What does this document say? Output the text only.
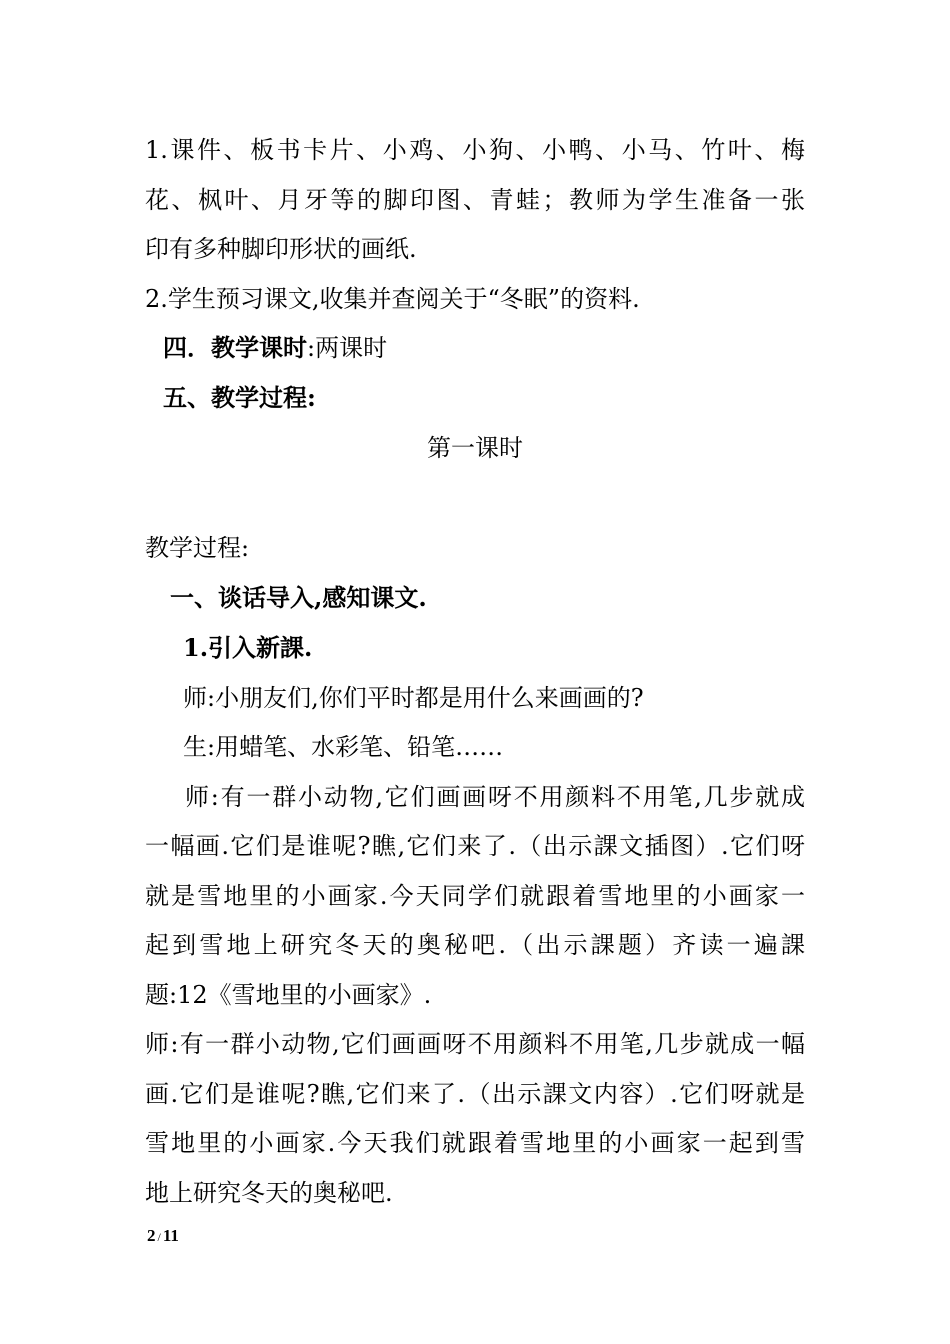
1.课件、板书卡片、小鸡、小狗、小鸭、小马、竹叶、梅
花、枫叶、月牙等的脚印图、青蛙；教师为学生准备一张
印有多种脚印形状的画纸.
2.学生预习课文,收集并查阅关于“冬眠”的资料.
四．教学课时:两课时
五、教学过程:
第一课时
教学过程:
一、谈话导入,感知课文.
1.引入新課.
师:小朋友们,你们平时都是用什么来画画的?
生:用蜡笔、水彩笔、铅笔……
师:有一群小动物,它们画画呀不用颜料不用笔,几步就成
一幅画.它们是谁呢?瞧,它们来了.（出示課文插图）.它们呀
就是雪地里的小画家.今天同学们就跟着雪地里的小画家一
起到雪地上研究冬天的奥秘吧.（出示課题）齐读一遍課
题:12《雪地里的小画家》.
师:有一群小动物,它们画画呀不用颜料不用笔,几步就成一幅
画.它们是谁呢?瞧,它们来了.（出示課文内容）.它们呀就是
雪地里的小画家.今天我们就跟着雪地里的小画家一起到雪
地上研究冬天的奥秘吧.
2 / 11
